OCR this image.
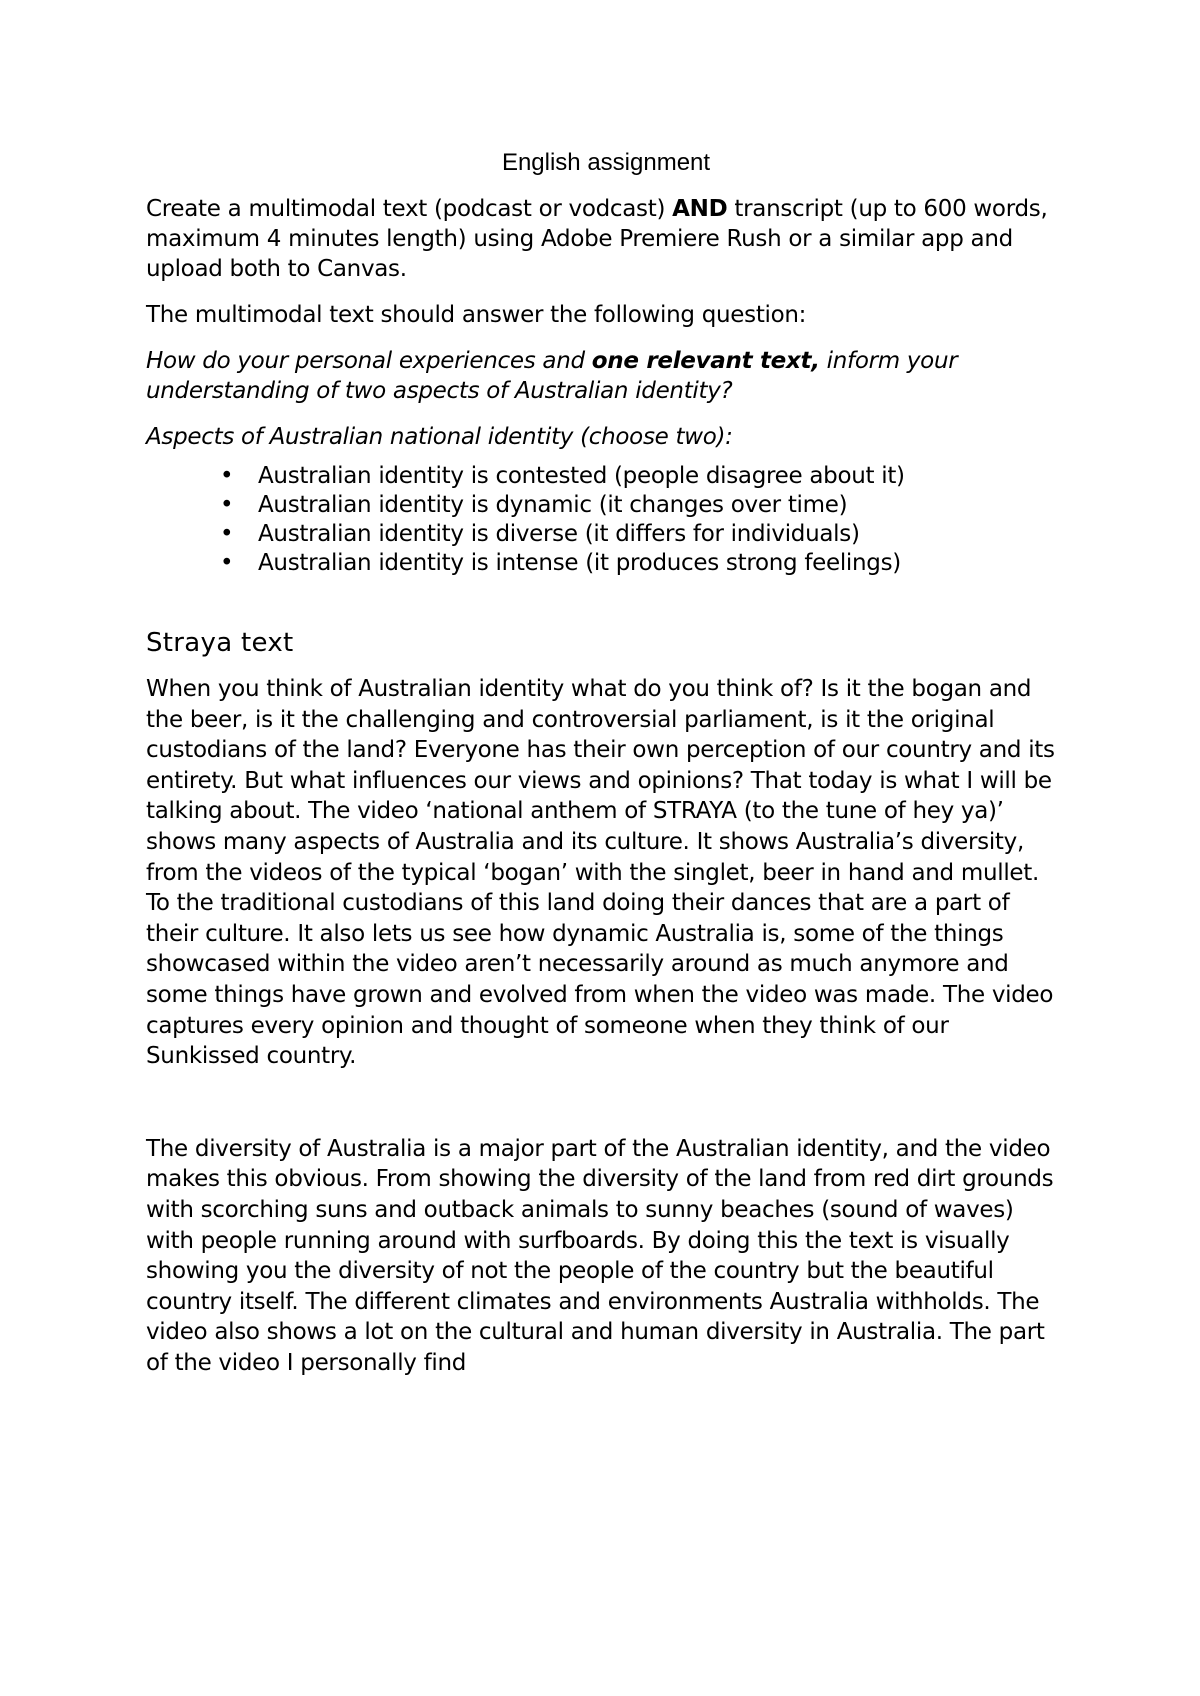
English assignment

Create a multimodal text (podcast or vodcast) AND transcript (up to 600 words, maximum 4 minutes length) using Adobe Premiere Rush or a similar app and upload both to Canvas.

The multimodal text should answer the following question:

How do your personal experiences and one relevant text, inform your understanding of two aspects of Australian identity?

Aspects of Australian national identity (choose two):

• Australian identity is contested (people disagree about it)
• Australian identity is dynamic (it changes over time)
• Australian identity is diverse (it differs for individuals)
• Australian identity is intense (it produces strong feelings)
Straya text

When you think of Australian identity what do you think of? Is it the bogan and the beer, is it the challenging and controversial parliament, is it the original custodians of the land? Everyone has their own perception of our country and its entirety. But what influences our views and opinions? That today is what I will be talking about. The video ‘national anthem of STRAYA (to the tune of hey ya)’ shows many aspects of Australia and its culture. It shows Australia’s diversity, from the videos of the typical ‘bogan’ with the singlet, beer in hand and mullet. To the traditional custodians of this land doing their dances that are a part of their culture. It also lets us see how dynamic Australia is, some of the things showcased within the video aren’t necessarily around as much anymore and some things have grown and evolved from when the video was made. The video captures every opinion and thought of someone when they think of our Sunkissed country.

The diversity of Australia is a major part of the Australian identity, and the video makes this obvious. From showing the diversity of the land from red dirt grounds with scorching suns and outback animals to sunny beaches (sound of waves) with people running around with surfboards. By doing this the text is visually showing you the diversity of not the people of the country but the beautiful country itself. The different climates and environments Australia withholds. The video also shows a lot on the cultural and human diversity in Australia. The part of the video I personally find
